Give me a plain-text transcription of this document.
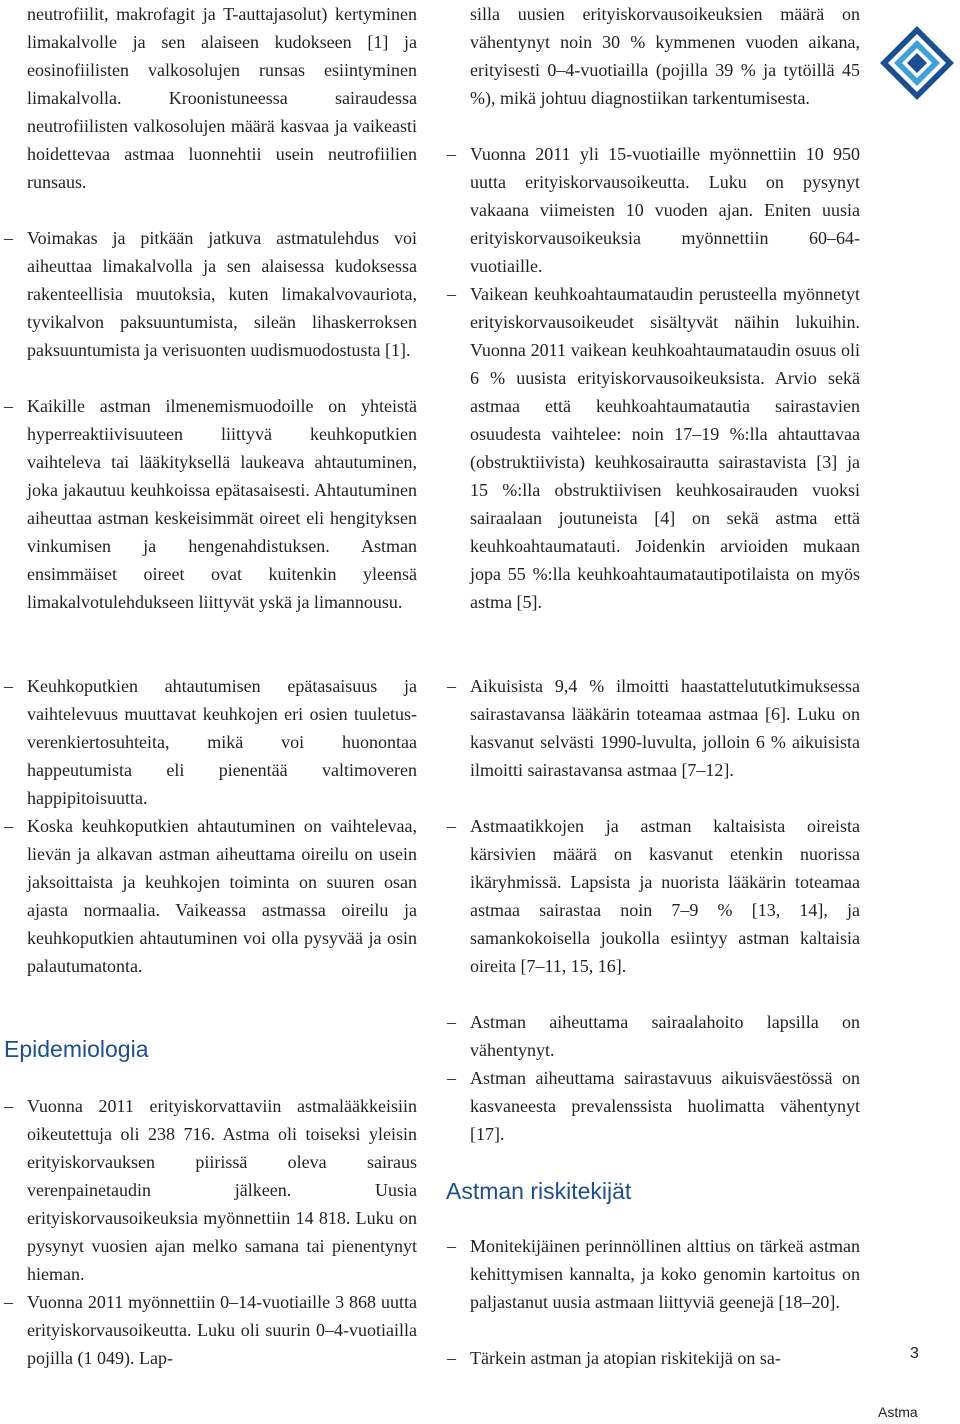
neutrofiilit, makrofagit ja T-auttajasolut) kertyminen limakalvolle ja sen alaiseen kudokseen [1] ja eosinofiilisten valkosolujen runsas esiintyminen limakalvolla. Kroonistuneessa sairaudessa neutrofiilisten valkosolujen määrä kasvaa ja vaikeasti hoidettevaa astmaa luonnehtii usein neutrofiilien runsaus.

– Voimakas ja pitkään jatkuva astmatulehdus voi aiheuttaa limakalvolla ja sen alaisessa kudoksessa rakenteellisia muutoksia, kuten limakalvovauriota, tyvikalvon paksuuntumista, sileän lihaskerroksen paksuuntumista ja verisuonten uudismuodostusta [1].

– Kaikille astman ilmenemismuodoille on yhteistä hyperreaktiivisuuteen liittyvä keuhkoputkien vaihteleva tai lääkityksellä laukeava ahtautuminen, joka jakautuu keuhkoissa epätasaisesti. Ahtautuminen aiheuttaa astman keskeisimmät oireet eli hengityksen vinkumisen ja hengenahdistuksen. Astman ensimmäiset oireet ovat kuitenkin yleensä limakalvotulehdukseen liittyvät yskä ja limannousu.

– Keuhkoputkien ahtautumisen epätasaisuus ja vaihtelevuus muuttavat keuhkojen eri osien tuuletus-verenkiertosuhteita, mikä voi huonontaa happeutumista eli pienentää valtimoveren happipitoisuutta.

– Koska keuhkoputkien ahtautuminen on vaihtelevaa, lievän ja alkavan astman aiheuttama oireilu on usein jaksoittaista ja keuhkojen toiminta on suuren osan ajasta normaalia. Vaikeassa astmassa oireilu ja keuhkoputkien ahtautuminen voi olla pysyvää ja osin palautumatonta.

Epidemiologia

– Vuonna 2011 erityiskorvattaviin astmalääkkeisiin oikeutettuja oli 238 716. Astma oli toiseksi yleisin erityiskorvauksen piirissä oleva sairaus verenpainetaudin jälkeen. Uusia erityiskorvausoikeuksia myönnettiin 14 818. Luku on pysynyt vuosien ajan melko samana tai pienentynyt hieman.

– Vuonna 2011 myönnettiin 0–14-vuotiaille 3 868 uutta erityiskorvausoikeutta. Luku oli suurin 0–4-vuotiailla pojilla (1 049). Lap-

silla uusien erityiskorvausoikeuksien määrä on vähentynyt noin 30 % kymmenen vuoden aikana, erityisesti 0–4-vuotiailla (pojilla 39 % ja tytöillä 45 %), mikä johtuu diagnostiikan tarkentumisesta.

– Vuonna 2011 yli 15-vuotiaille myönnettiin 10 950 uutta erityiskorvausoikeutta. Luku on pysynyt vakaana viimeisten 10 vuoden ajan. Eniten uusia erityiskorvausoikeuksia myönnettiin 60–64-vuotiaille.

– Vaikean keuhkoahtaumataudin perusteella myönnetyt erityiskorvausoikeudet sisältyvät näihin lukuihin. Vuonna 2011 vaikean keuhkoahtaumataudin osuus oli 6 % uusista erityiskorvausoikeuksista. Arvio sekä astmaa että keuhkoahtaumatautia sairastavien osuudesta vaihtelee: noin 17–19 %:lla ahtauttavaa (obstruktiivista) keuhkosairautta sairastavista [3] ja 15 %:lla obstruktiivisen keuhkosairauden vuoksi sairaalaan joutuneista [4] on sekä astma että keuhkoahtaumatauti. Joidenkin arvioiden mukaan jopa 55 %:lla keuhkoahtaumatautipotilaista on myös astma [5].

– Aikuisista 9,4 % ilmoitti haastattelututkimuksessa sairastavansa lääkärin toteamaa astmaa [6]. Luku on kasvanut selvästi 1990-luvulta, jolloin 6 % aikuisista ilmoitti sairastavansa astmaa [7–12].

– Astmaatikkojen ja astman kaltaisista oireista kärsivien määrä on kasvanut etenkin nuorissa ikäryhmissä. Lapsista ja nuorista lääkärin toteamaa astmaa sairastaa noin 7–9 % [13, 14], ja samankokoisella joukolla esiintyy astman kaltaisia oireita [7–11, 15, 16].

– Astman aiheuttama sairaalahoito lapsilla on vähentynyt.

– Astman aiheuttama sairastavuus aikuisväestössä on kasvaneesta prevalenssista huolimatta vähentynyt [17].

Astman riskitekijät

– Monitekijäinen perinnöllinen alttius on tärkeä astman kehittymisen kannalta, ja koko genomin kartoitus on paljastanut uusia astmaan liittyviä geenejä [18–20].

– Tärkein astman ja atopian riskitekijä on sa-	3
Astma
